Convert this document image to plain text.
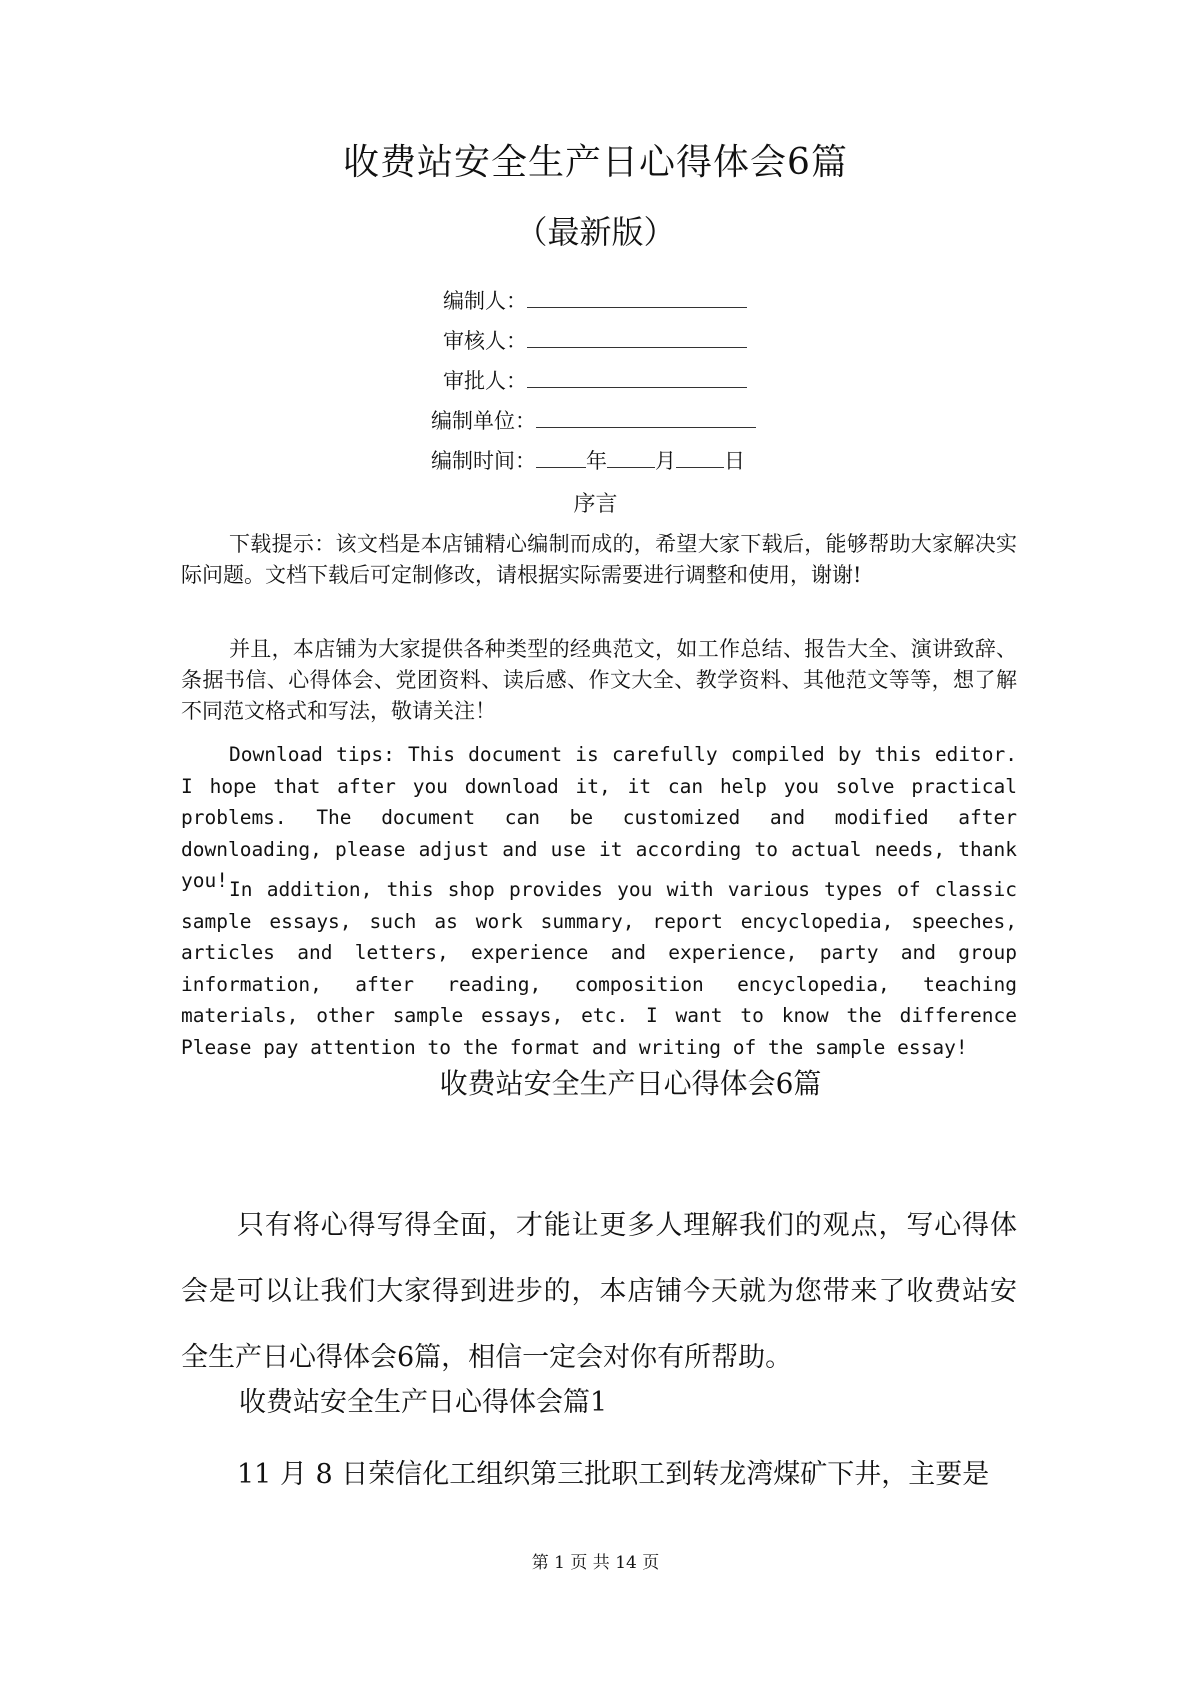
收费站安全生产日心得体会6篇
（最新版）
编制人：
审核人：
审批人：
编制单位：
编制时间： 年 月 日
序言
下载提示：该文档是本店铺精心编制而成的，希望大家下载后，能够帮助大家解决实际问题。文档下载后可定制修改，请根据实际需要进行调整和使用，谢谢!
并且，本店铺为大家提供各种类型的经典范文，如工作总结、报告大全、演讲致辞、条据书信、心得体会、党团资料、读后感、作文大全、教学资料、其他范文等等，想了解不同范文格式和写法，敬请关注！
Download tips: This document is carefully compiled by this editor. I hope that after you download it, it can help you solve practical problems. The document can be customized and modified after downloading, please adjust and use it according to actual needs, thank you! In addition, this shop provides you with various types of classic sample essays, such as work summary, report encyclopedia, speeches, articles and letters, experience and experience, party and group information, after reading, composition encyclopedia, teaching materials, other sample essays, etc. I want to know the difference Please pay attention to the format and writing of the sample essay!
收费站安全生产日心得体会6篇
只有将心得写得全面，才能让更多人理解我们的观点，写心得体会是可以让我们大家得到进步的，本店铺今天就为您带来了收费站安全生产日心得体会6篇，相信一定会对你有所帮助。
收费站安全生产日心得体会篇1
11 月 8 日荣信化工组织第三批职工到转龙湾煤矿下井，主要是
第 1 页 共 14 页
